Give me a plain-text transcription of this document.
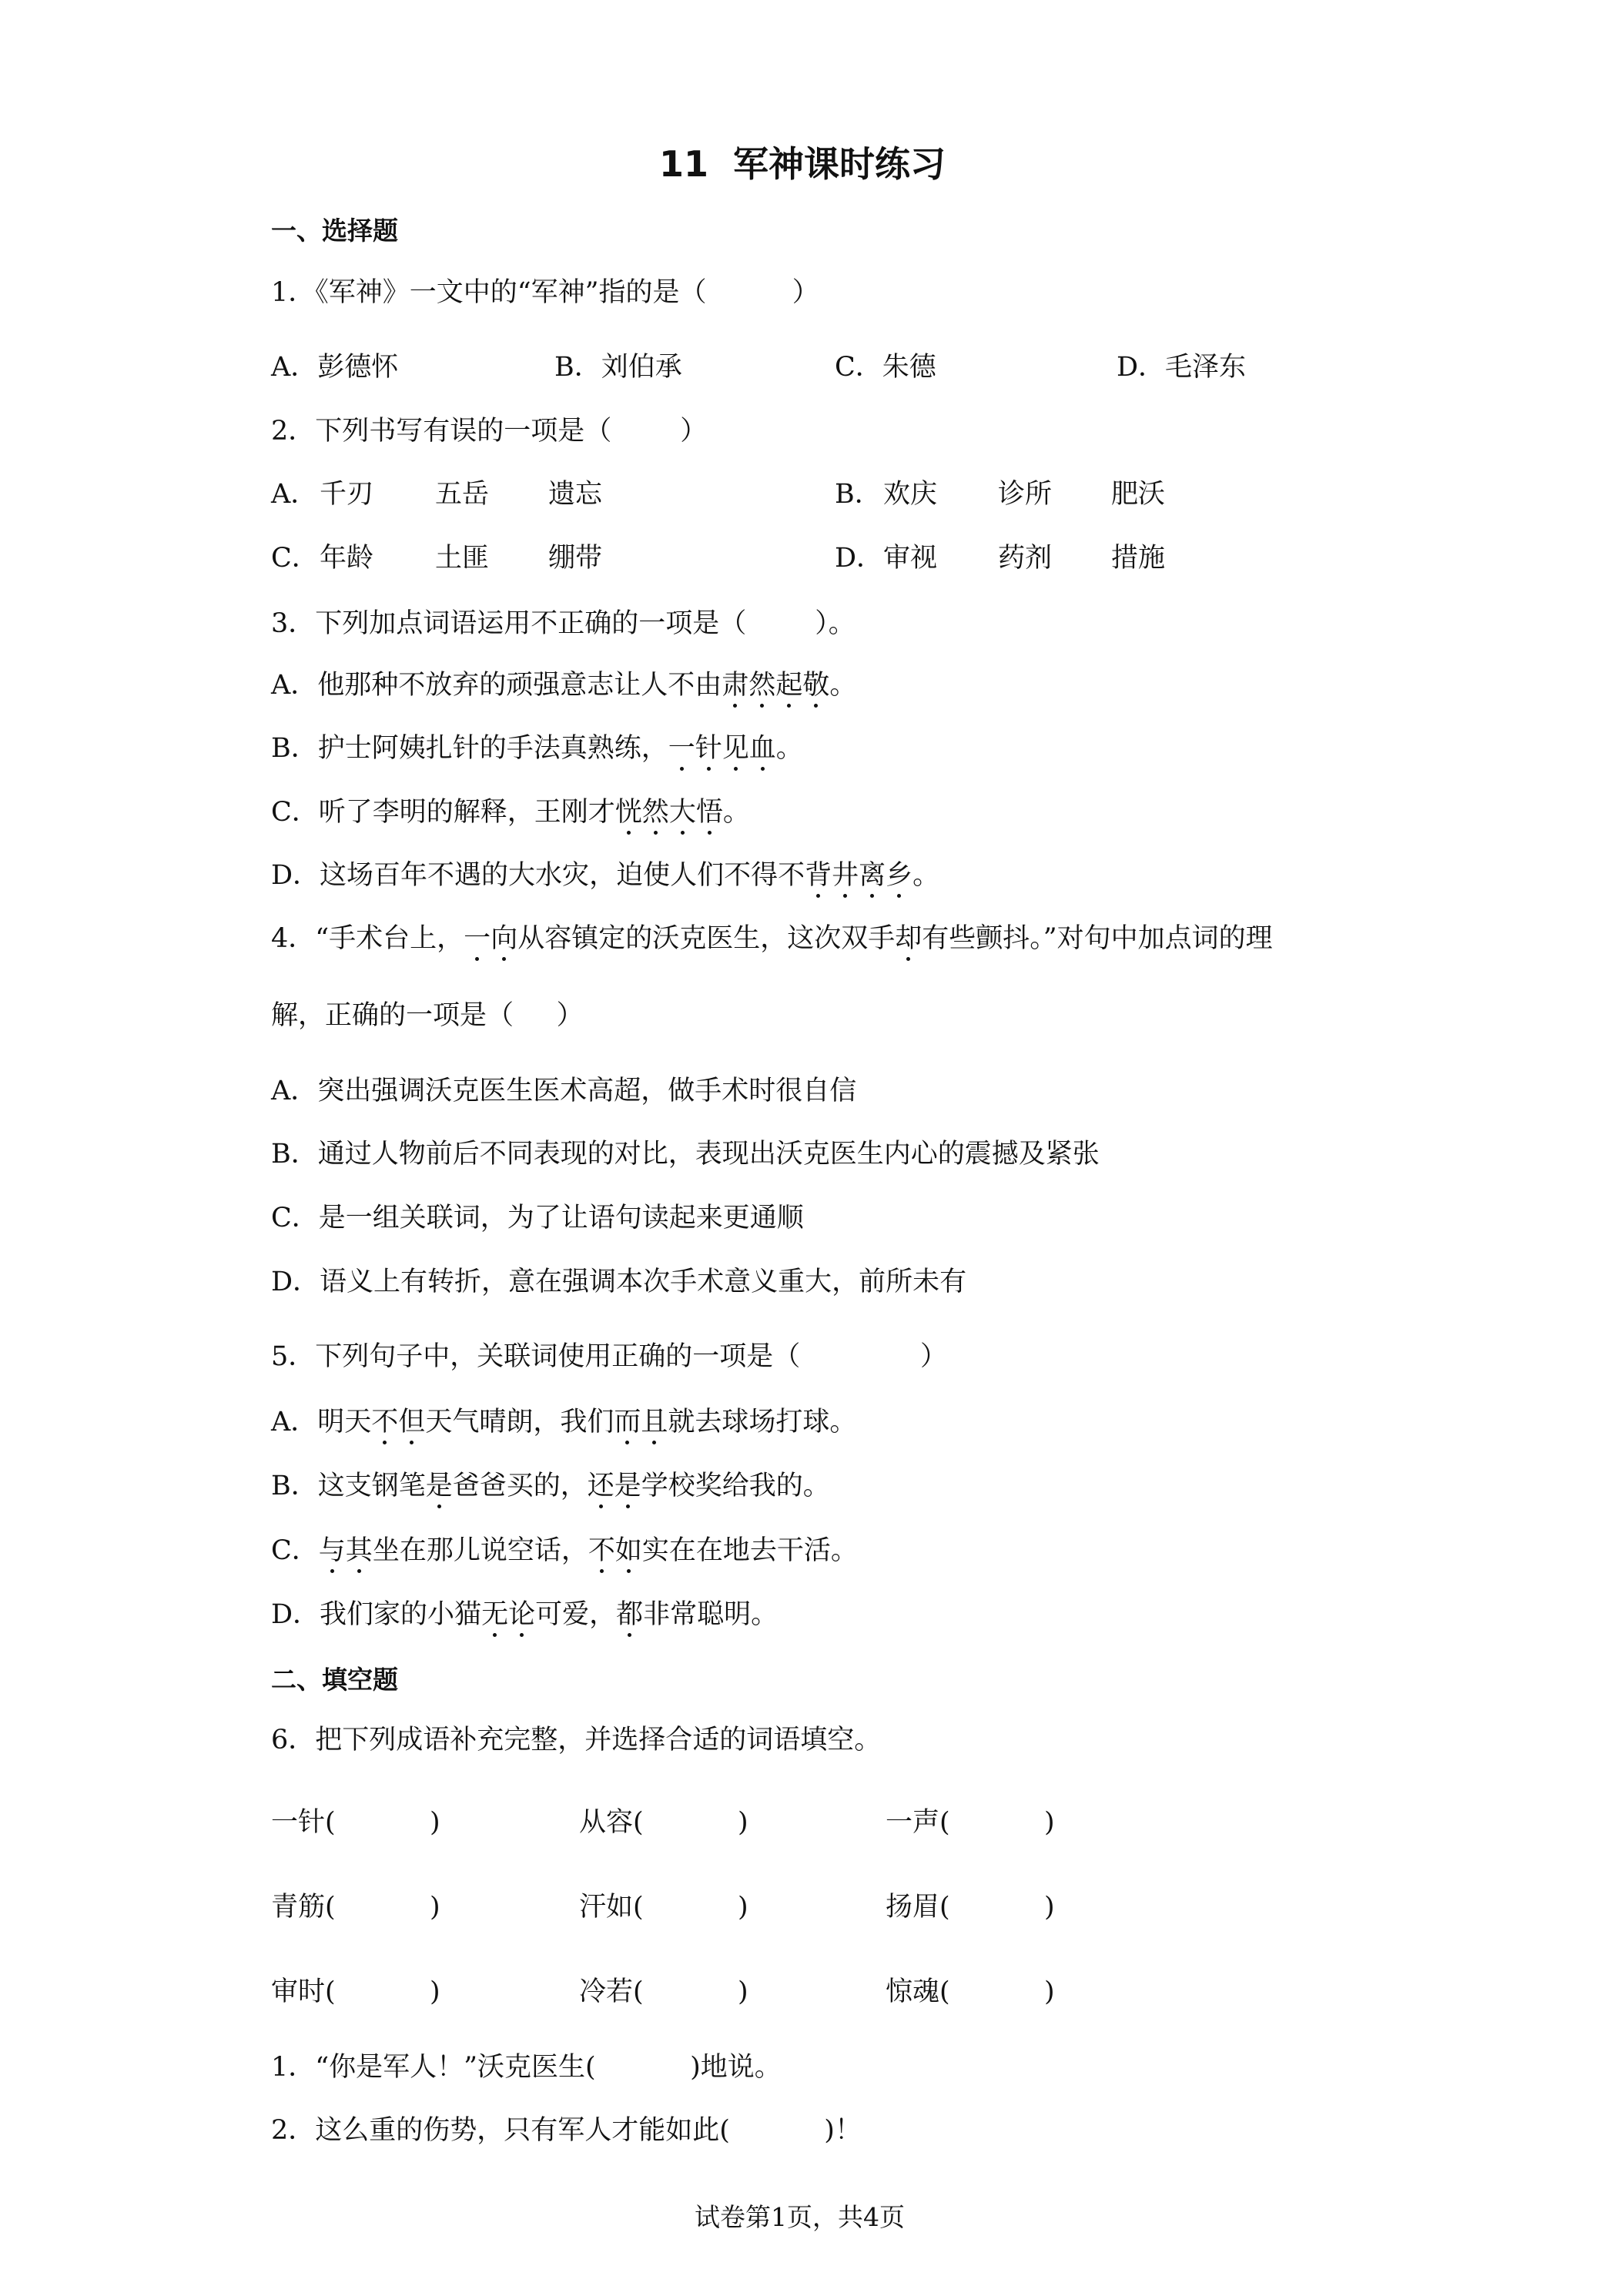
11  军神课时练习
一、选择题
1．《军神》一文中的“军神”指的是（          ）
A．彭德怀	B．刘伯承	C．朱德	D．毛泽东
2．下列书写有误的一项是（        ）
A． 千刃 五岳 遗忘	B． 欢庆 诊所 肥沃
C． 年龄 土匪 绷带	D． 审视 药剂 措施
3．下列加点词语运用不正确的一项是（        ）。
A．他那种不放弃的顽强意志让人不由肃然起敬。
B．护士阿姨扎针的手法真熟练，一针见血。
C．听了李明的解释，王刚才恍然大悟。
D．这场百年不遇的大水灾，迫使人们不得不背井离乡。
4．“手术台上，一向从容镇定的沃克医生，这次双手却有些颤抖。”对句中加点词的理
解，正确的一项是（     ）
A．突出强调沃克医生医术高超，做手术时很自信
B．通过人物前后不同表现的对比，表现出沃克医生内心的震撼及紧张
C．是一组关联词，为了让语句读起来更通顺
D．语义上有转折，意在强调本次手术意义重大，前所未有
5．下列句子中，关联词使用正确的一项是（              ）
A．明天不但天气晴朗，我们而且就去球场打球。
B．这支钢笔是爸爸买的，还是学校奖给我的。
C．与其坐在那儿说空话，不如实在在地去干活。
D．我们家的小猫无论可爱，都非常聪明。
二、填空题
6．把下列成语补充完整，并选择合适的词语填空。
一针(           )	从容(           )	一声(           )
青筋(           )	汗如(           )	扬眉(           )
审时(           )	冷若(           )	惊魂(           )
1．“你是军人！”沃克医生(           )地说。
2．这么重的伤势，只有军人才能如此(           )！
试卷第1页，共4页
